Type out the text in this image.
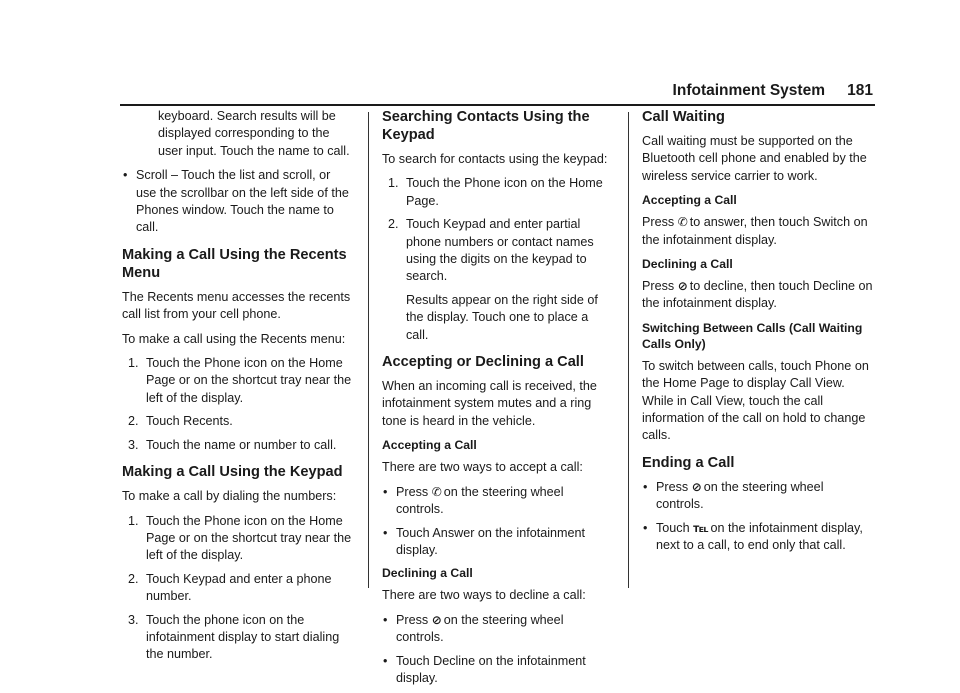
Infotainment System 181
keyboard. Search results will be displayed corresponding to the user input. Touch the name to call.
• Scroll – Touch the list and scroll, or use the scrollbar on the left side of the Phones window. Touch the name to call.
Making a Call Using the Recents Menu

The Recents menu accesses the recents call list from your cell phone.

To make a call using the Recents menu:

1. Touch the Phone icon on the Home Page or on the shortcut tray near the left of the display.
2. Touch Recents.
3. Touch the name or number to call.
Making a Call Using the Keypad

To make a call by dialing the numbers:

1. Touch the Phone icon on the Home Page or on the shortcut tray near the left of the display.
2. Touch Keypad and enter a phone number.
3. Touch the phone icon on the infotainment display to start dialing the number.
Searching Contacts Using the Keypad

To search for contacts using the keypad:

1. Touch the Phone icon on the Home Page.
2. Touch Keypad and enter partial phone numbers or contact names using the digits on the keypad to search.
Results appear on the right side of the display. Touch one to place a call.
Accepting or Declining a Call

When an incoming call is received, the infotainment system mutes and a ring tone is heard in the vehicle.

Accepting a Call

There are two ways to accept a call:

• Press ✆ on the steering wheel controls.
• Touch Answer on the infotainment display.
Declining a Call

There are two ways to decline a call:

• Press ⊘ on the steering wheel controls.
• Touch Decline on the infotainment display.
Call Waiting

Call waiting must be supported on the Bluetooth cell phone and enabled by the wireless service carrier to work.

Accepting a Call

Press ✆ to answer, then touch Switch on the infotainment display.

Declining a Call

Press ⊘ to decline, then touch Decline on the infotainment display.

Switching Between Calls (Call Waiting Calls Only)

To switch between calls, touch Phone on the Home Page to display Call View. While in Call View, touch the call information of the call on hold to change calls.

Ending a Call
• Press ⊘ on the steering wheel controls.
• Touch ℡ on the infotainment display, next to a call, to end only that call.
